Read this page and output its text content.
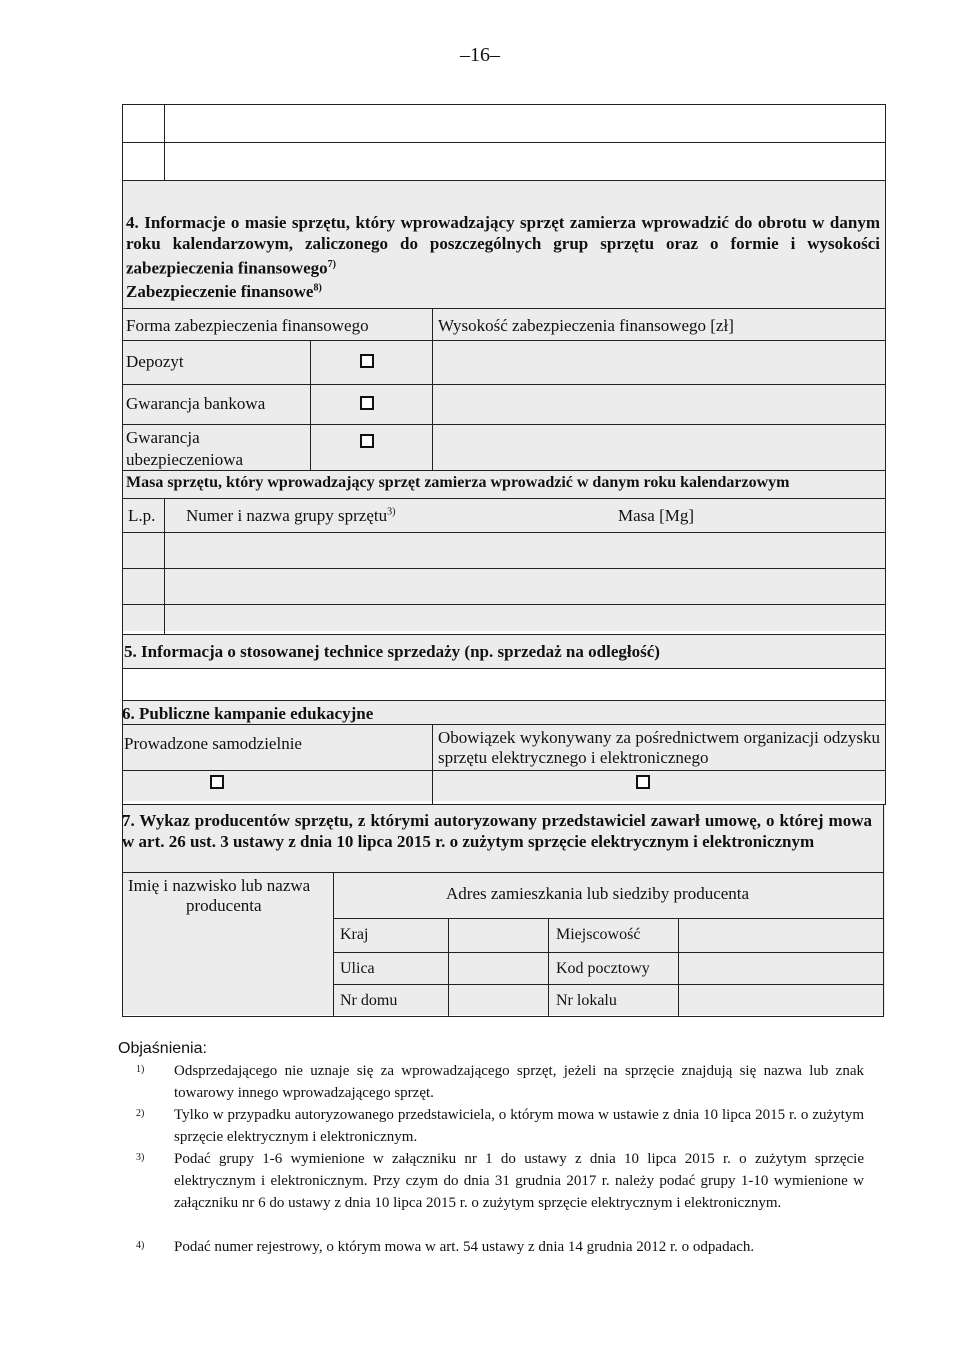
–16–
4. Informacje o masie sprzętu, który wprowadzający sprzęt zamierza wprowadzić do obrotu w danym roku kalendarzowym, zaliczonego do poszczególnych grup sprzętu oraz o formie i wysokości zabezpieczenia finansowego$^{7)}$
Zabezpieczenie finansowe$^{8)}$
Forma zabezpieczenia finansowego	Wysokość zabezpieczenia finansowego [zł]
Depozyt
Gwarancja bankowa
Gwarancja
ubezpieczeniowa
Masa sprzętu, który wprowadzający sprzęt zamierza wprowadzić w danym roku kalendarzowym
L.p. Numer i nazwa grupy sprzętu$^{3)}$	Masa [Mg]
5. Informacja o stosowanej technice sprzedaży (np. sprzedaż na odległość)
6. Publiczne kampanie edukacyjne
Prowadzone samodzielnie	Obowiązek wykonywany za pośrednictwem organizacji odzysku sprzętu elektrycznego i elektronicznego
7. Wykaz producentów sprzętu, z którymi autoryzowany przedstawiciel zawarł umowę, o której mowa w art. 26 ust. 3 ustawy z dnia 10 lipca 2015 r. o zużytym sprzęcie elektrycznym i elektronicznym
Imię i nazwisko lub nazwa
producenta
Adres zamieszkania lub siedziby producenta
Kraj	Miejscowość
Ulica	Kod pocztowy
Nr domu	Nr lokalu
Objaśnienia:
1) Odsprzedającego nie uznaje się za wprowadzającego sprzęt, jeżeli na sprzęcie znajdują się nazwa lub znak towarowy innego wprowadzającego sprzęt.
2) Tylko w przypadku autoryzowanego przedstawiciela, o którym mowa w ustawie z dnia 10 lipca 2015 r. o zużytym sprzęcie elektrycznym i elektronicznym.
3) Podać grupy 1-6 wymienione w załączniku nr 1 do ustawy z dnia 10 lipca 2015 r. o zużytym sprzęcie elektrycznym i elektronicznym. Przy czym do dnia 31 grudnia 2017 r. należy podać grupy 1-10 wymienione w załączniku nr 6 do ustawy z dnia 10 lipca 2015 r. o zużytym sprzęcie elektrycznym i elektronicznym.
4) Podać numer rejestrowy, o którym mowa w art. 54 ustawy z dnia 14 grudnia 2012 r. o odpadach.
